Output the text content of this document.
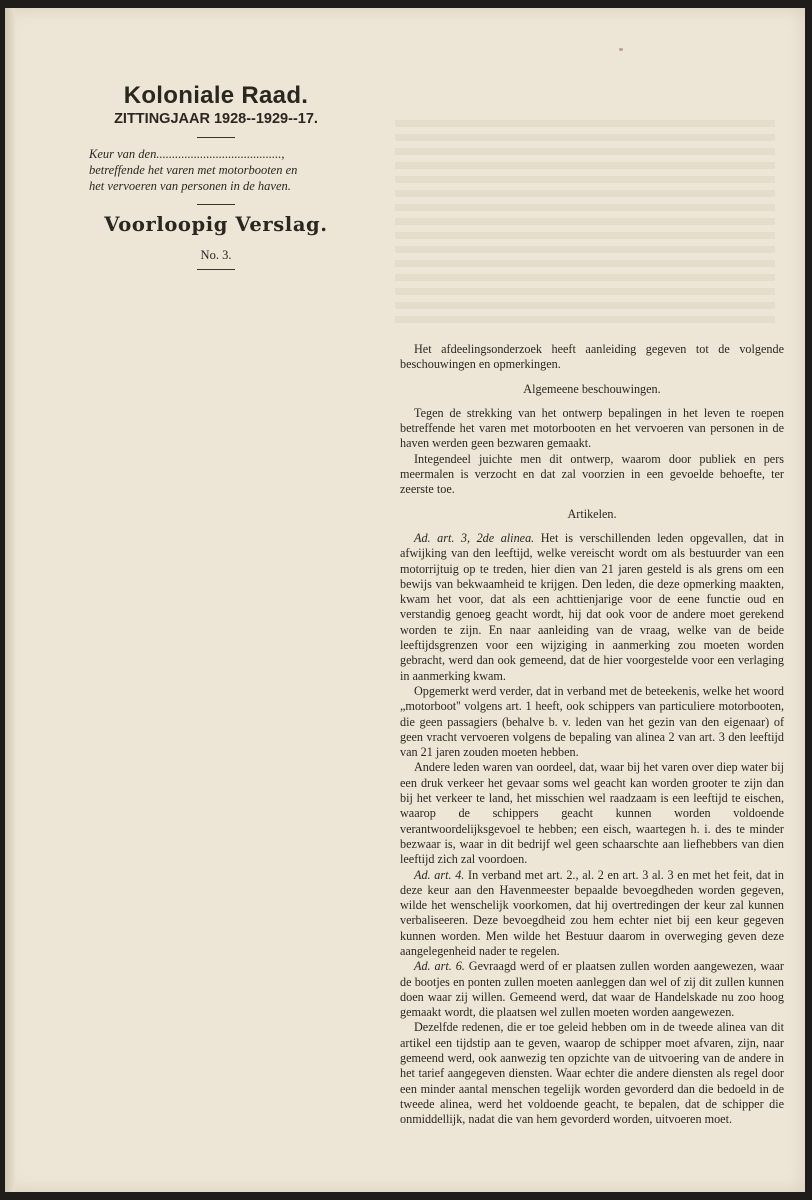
Koloniale Raad.
ZITTINGJAAR 1928--1929--17.
Keur van den........................................,
betreffende het varen met motorbooten en
het vervoeren van personen in de haven.
Voorloopig Verslag.
No. 3.

Het afdeelingsonderzoek heeft aanleiding gegeven tot de volgende beschouwingen en opmerkingen.

Algemeene beschouwingen.

Tegen de strekking van het ontwerp bepalingen in het leven te roepen betreffende het varen met motorbooten en het vervoeren van personen in de haven werden geen bezwaren gemaakt.

Integendeel juichte men dit ontwerp, waarom door publiek en pers meermalen is verzocht en dat zal voorzien in een gevoelde behoefte, ter zeerste toe.

Artikelen.

Ad. art. 3, 2de alinea. Het is verschillenden leden opgevallen, dat in afwijking van den leeftijd, welke vereischt wordt om als bestuurder van een motorrijtuig op te treden, hier dien van 21 jaren gesteld is als grens om een bewijs van bekwaamheid te krijgen. Den leden, die deze opmerking maakten, kwam het voor, dat als een achttienjarige voor de eene functie oud en verstandig genoeg geacht wordt, hij dat ook voor de andere moet gerekend worden te zijn. En naar aanleiding van de vraag, welke van de beide leeftijdsgrenzen voor een wijziging in aanmerking zou moeten worden gebracht, werd dan ook gemeend, dat de hier voorgestelde voor een verlaging in aanmerking kwam.

Opgemerkt werd verder, dat in verband met de beteekenis, welke het woord „motorboot'' volgens art. 1 heeft, ook schippers van particuliere motorbooten, die geen passagiers (behalve b. v. leden van het gezin van den eigenaar) of geen vracht vervoeren volgens de bepaling van alinea 2 van art. 3 den leeftijd van 21 jaren zouden moeten hebben.

Andere leden waren van oordeel, dat, waar bij het varen over diep water bij een druk verkeer het gevaar soms wel geacht kan worden grooter te zijn dan bij het verkeer te land, het misschien wel raadzaam is een leeftijd te eischen, waarop de schippers geacht kunnen worden voldoende verantwoordelijksgevoel te hebben; een eisch, waartegen h. i. des te minder bezwaar is, waar in dit bedrijf wel geen schaarschte aan liefhebbers van dien leeftijd zich zal voordoen.

Ad. art. 4. In verband met art. 2., al. 2 en art. 3 al. 3 en met het feit, dat in deze keur aan den Havenmeester bepaalde bevoegdheden worden gegeven, wilde het wenschelijk voorkomen, dat hij overtredingen der keur zal kunnen verbaliseeren. Deze bevoegdheid zou hem echter niet bij een keur gegeven kunnen worden. Men wilde het Bestuur daarom in overweging geven deze aangelegenheid nader te regelen.

Ad. art. 6. Gevraagd werd of er plaatsen zullen worden aangewezen, waar de bootjes en ponten zullen moeten aanleggen dan wel of zij dit zullen kunnen doen waar zij willen. Gemeend werd, dat waar de Handelskade nu zoo hoog gemaakt wordt, die plaatsen wel zullen moeten worden aangewezen.

Dezelfde redenen, die er toe geleid hebben om in de tweede alinea van dit artikel een tijdstip aan te geven, waarop de schipper moet afvaren, zijn, naar gemeend werd, ook aanwezig ten opzichte van de uitvoering van de andere in het tarief aangegeven diensten. Waar echter die andere diensten als regel door een minder aantal menschen tegelijk worden gevorderd dan die bedoeld in de tweede alinea, werd het voldoende geacht, te bepalen, dat de schipper die onmiddellijk, nadat die van hem gevorderd worden, uitvoeren moet.
